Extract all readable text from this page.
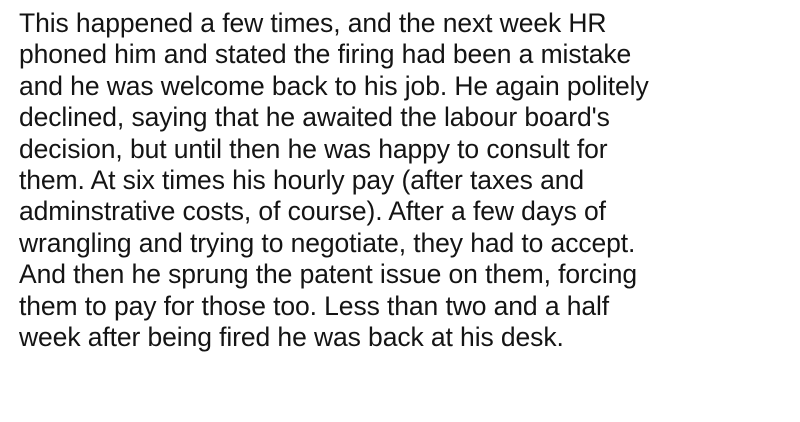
This happened a few times, and the next week HR
phoned him and stated the firing had been a mistake
and he was welcome back to his job. He again politely
declined, saying that he awaited the labour board's
decision, but until then he was happy to consult for
them. At six times his hourly pay (after taxes and
adminstrative costs, of course). After a few days of
wrangling and trying to negotiate, they had to accept.
And then he sprung the patent issue on them, forcing
them to pay for those too. Less than two and a half
week after being fired he was back at his desk.
